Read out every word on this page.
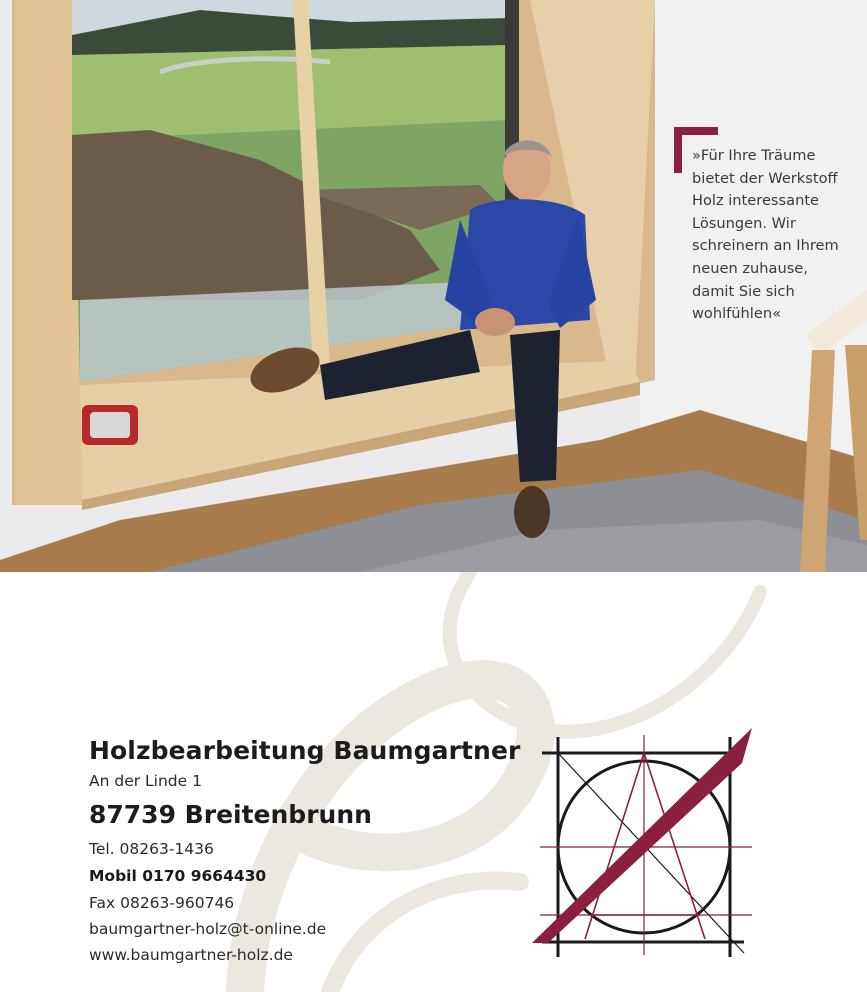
»Für Ihre Träume
bietet der Werkstoff
Holz interessante
Lösungen. Wir
schreinern an Ihrem
neuen zuhause,
damit Sie sich
wohlfühlen«
Holzbearbeitung Baumgartner
An der Linde 1
87739 Breitenbrunn
Tel. 08263-1436
Mobil 0170 9664430
Fax 08263-960746
baumgartner-holz@t-online.de
www.baumgartner-holz.de
